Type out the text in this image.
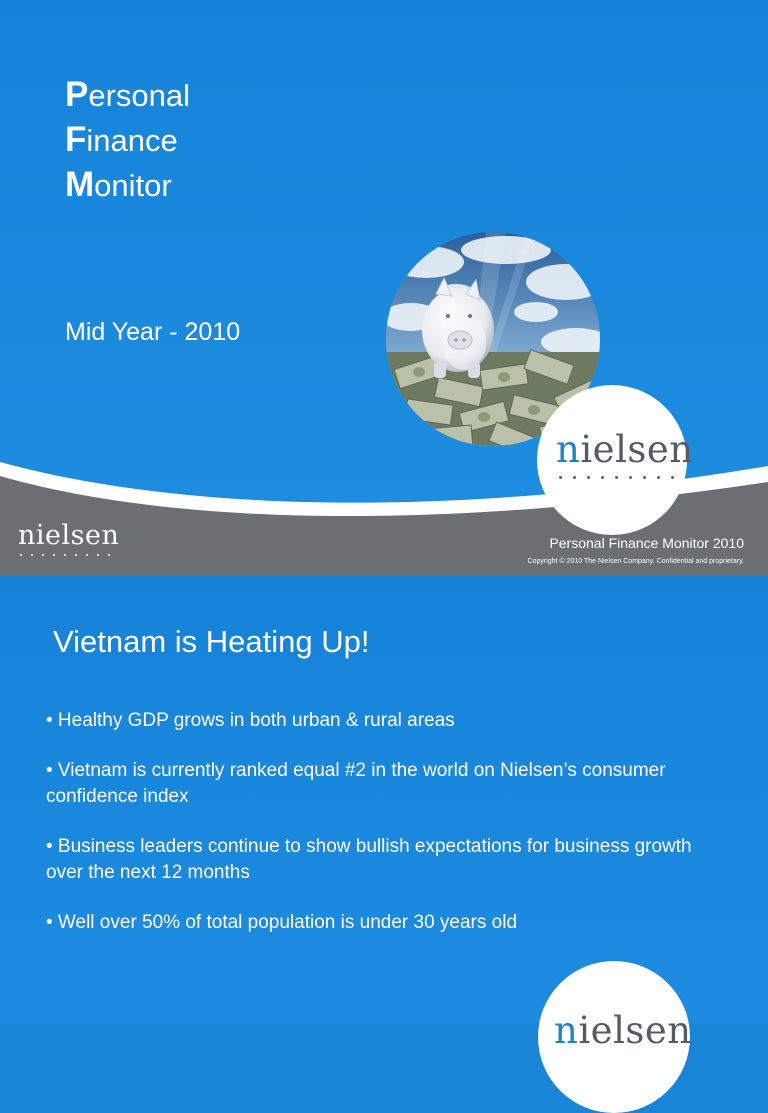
Personal
Finance
Monitor
Mid Year - 2010
nielsen
nielsen	Personal Finance Monitor 2010
Copyright © 2010 The Nielsen Company. Confidential and proprietary.
Vietnam is Heating Up!
• Healthy GDP grows in both urban & rural areas
• Vietnam is currently ranked equal #2 in the world on Nielsen’s consumer confidence index
• Business leaders continue to show bullish expectations for business growth over the next 12 months
• Well over 50% of total population is under 30 years old
nielsen
